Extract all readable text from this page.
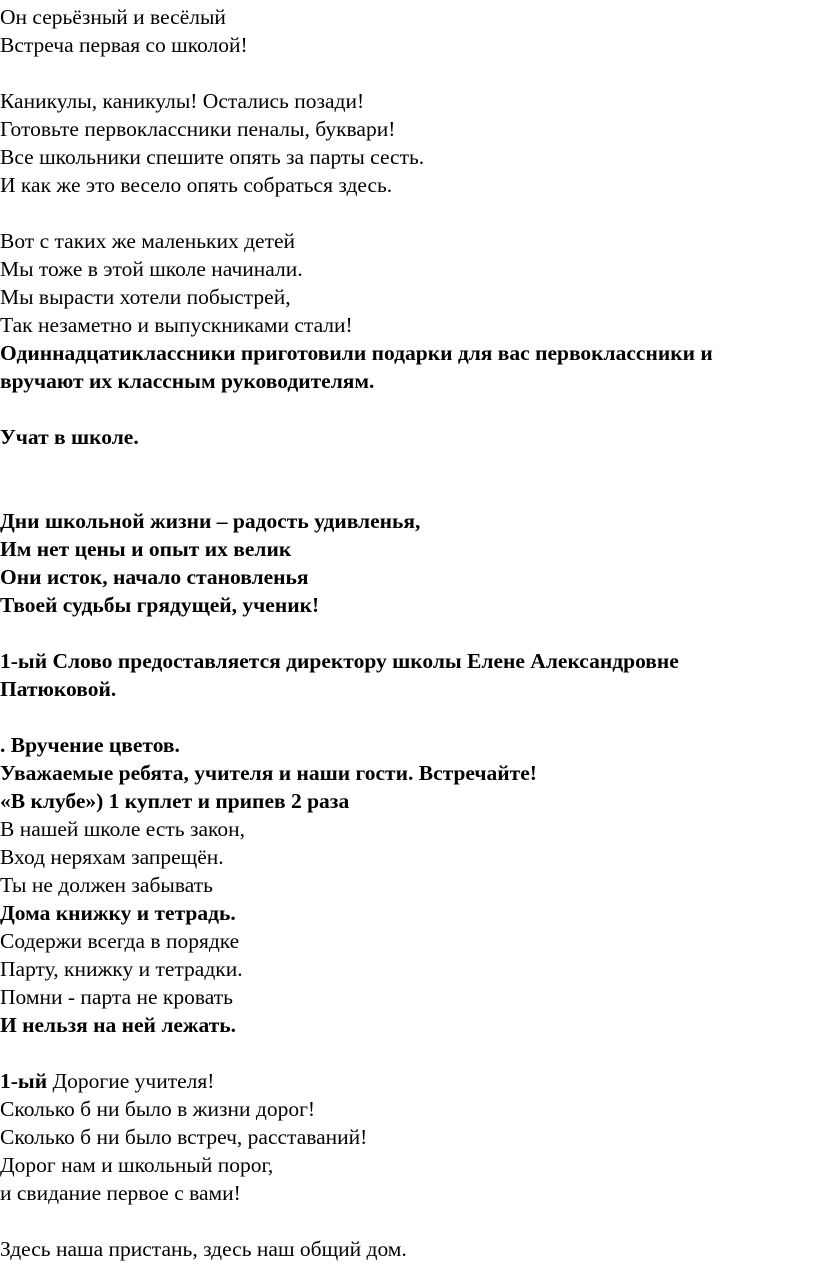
Он серьёзный и весёлый
Встреча первая со школой!
Каникулы, каникулы! Остались позади!
Готовьте первоклассники пеналы, буквари!
Все школьники спешите опять за парты сесть.
И как же это весело опять собраться здесь.
Вот с таких же маленьких детей
Мы тоже в этой школе начинали.
Мы вырасти хотели побыстрей,
Так незаметно и выпускниками стали!
Одиннадцатиклассники приготовили подарки для вас первоклассники и
вручают их классным руководителям.
Учат в школе.
Дни школьной жизни – радость удивленья,
Им нет цены и опыт их велик
Они исток, начало становленья
Твоей судьбы грядущей, ученик!
1-ый Слово предоставляется директору школы Елене Александровне
Патюковой.
. Вручение цветов.
Уважаемые ребята, учителя и наши гости. Встречайте!
«В клубе») 1 куплет и припев 2 раза
В нашей школе есть закон,
Вход неряхам запрещён.
Ты не должен забывать
Дома книжку и тетрадь.
Содержи всегда в порядке
Парту, книжку и тетрадки.
Помни - парта не кровать
И нельзя на ней лежать.
1-ый Дорогие учителя!
Сколько б ни было в жизни дорог!
Сколько б ни было встреч, расставаний!
Дорог нам и школьный порог,
и свидание первое с вами!
Здесь наша пристань, здесь наш общий дом.
